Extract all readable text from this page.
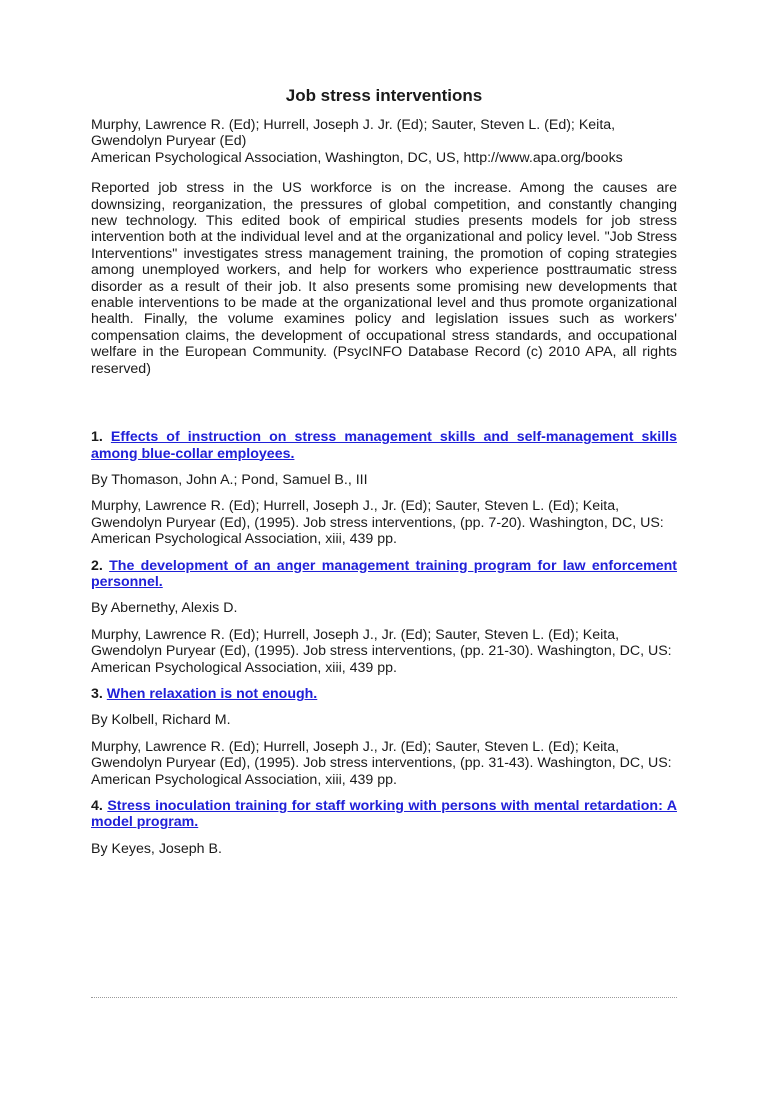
Job stress interventions
Murphy, Lawrence R. (Ed); Hurrell, Joseph J. Jr. (Ed); Sauter, Steven L. (Ed); Keita, Gwendolyn Puryear (Ed)
American Psychological Association, Washington, DC, US, http://www.apa.org/books
Reported job stress in the US workforce is on the increase. Among the causes are downsizing, reorganization, the pressures of global competition, and constantly changing new technology. This edited book of empirical studies presents models for job stress intervention both at the individual level and at the organizational and policy level. "Job Stress Interventions" investigates stress management training, the promotion of coping strategies among unemployed workers, and help for workers who experience posttraumatic stress disorder as a result of their job. It also presents some promising new developments that enable interventions to be made at the organizational level and thus promote organizational health. Finally, the volume examines policy and legislation issues such as workers' compensation claims, the development of occupational stress standards, and occupational welfare in the European Community. (PsycINFO Database Record (c) 2010 APA, all rights reserved)
1. Effects of instruction on stress management skills and self-management skills among blue-collar employees.
By Thomason, John A.; Pond, Samuel B., III
Murphy, Lawrence R. (Ed); Hurrell, Joseph J., Jr. (Ed); Sauter, Steven L. (Ed); Keita, Gwendolyn Puryear (Ed), (1995). Job stress interventions, (pp. 7-20). Washington, DC, US: American Psychological Association, xiii, 439 pp.
2. The development of an anger management training program for law enforcement personnel.
By Abernethy, Alexis D.
Murphy, Lawrence R. (Ed); Hurrell, Joseph J., Jr. (Ed); Sauter, Steven L. (Ed); Keita, Gwendolyn Puryear (Ed), (1995). Job stress interventions, (pp. 21-30). Washington, DC, US: American Psychological Association, xiii, 439 pp.
3. When relaxation is not enough.
By Kolbell, Richard M.
Murphy, Lawrence R. (Ed); Hurrell, Joseph J., Jr. (Ed); Sauter, Steven L. (Ed); Keita, Gwendolyn Puryear (Ed), (1995). Job stress interventions, (pp. 31-43). Washington, DC, US: American Psychological Association, xiii, 439 pp.
4. Stress inoculation training for staff working with persons with mental retardation: A model program.
By Keyes, Joseph B.
